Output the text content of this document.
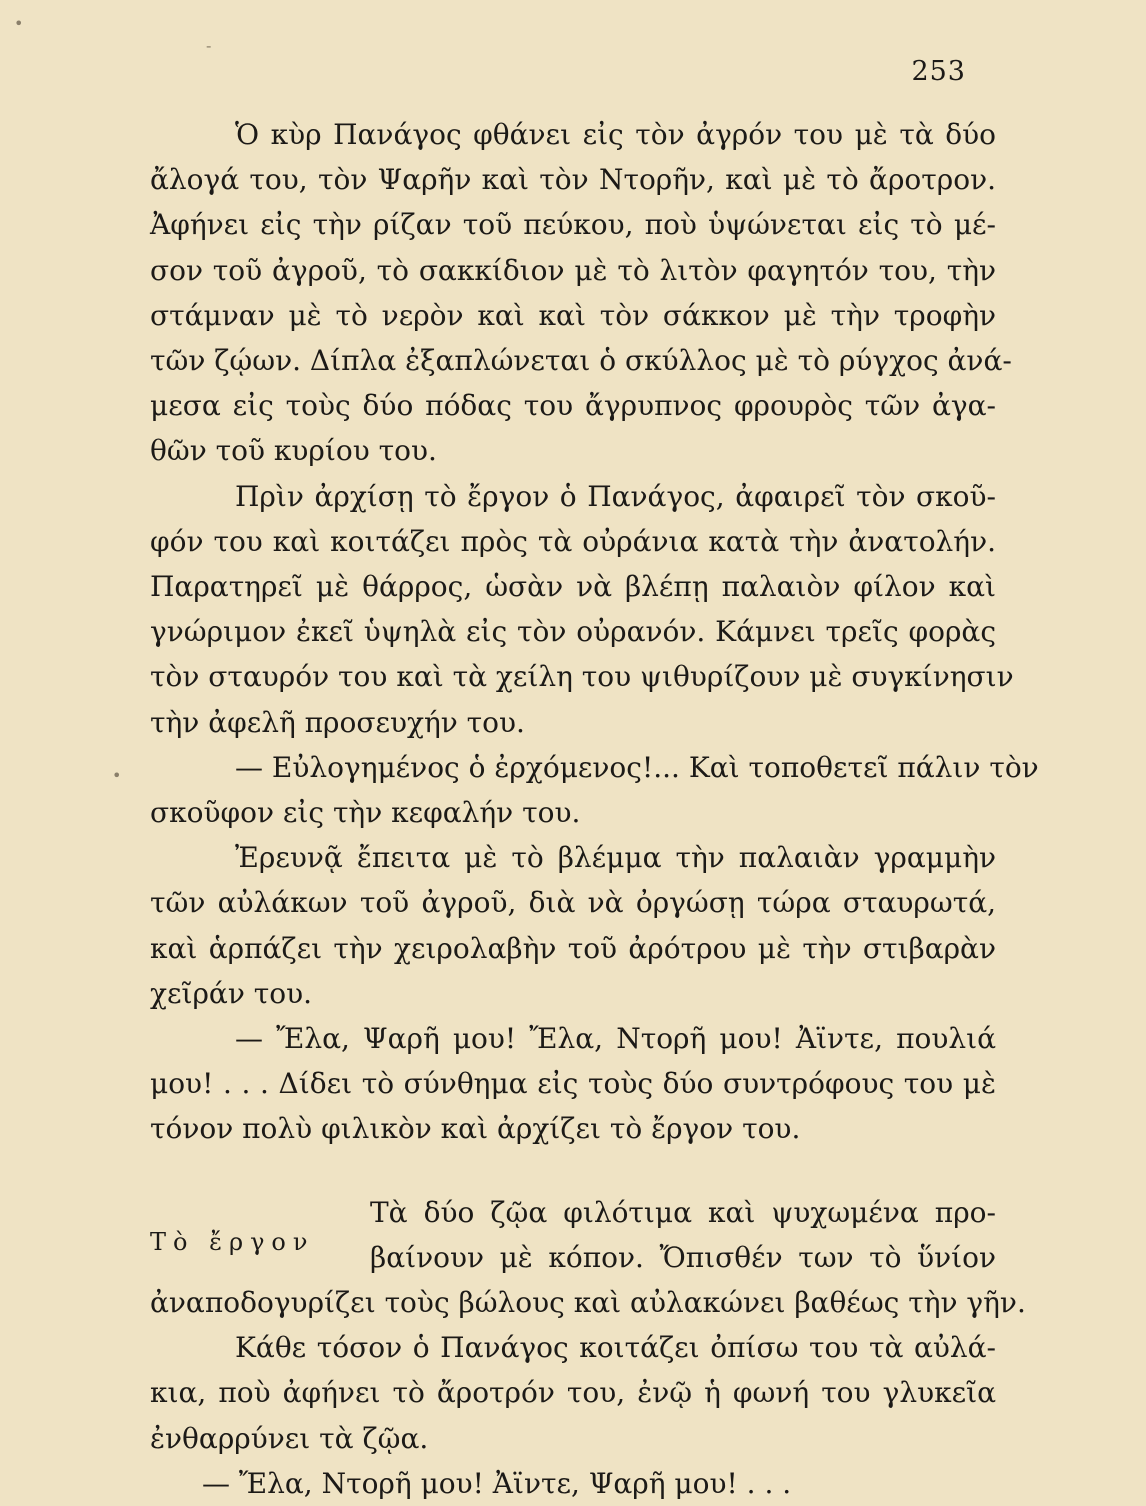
•
-
•
253

Ὁ κὺρ Πανάγος φθάνει εἰς τὸν ἀγρόν του μὲ τὰ δύο
ἄλογά του, τὸν Ψαρῆν καὶ τὸν Ντορῆν, καὶ μὲ τὸ ἄροτρον.
Ἀφήνει εἰς τὴν ρίζαν τοῦ πεύκου, ποὺ ὑψώνεται εἰς τὸ μέ-
σον τοῦ ἀγροῦ, τὸ σακκίδιον μὲ τὸ λιτὸν φαγητόν του, τὴν
στάμναν μὲ τὸ νερὸν καὶ καὶ τὸν σάκκον μὲ τὴν τροφὴν
τῶν ζῴων. Δίπλα ἐξαπλώνεται ὁ σκύλλος μὲ τὸ ρύγχος ἀνά-
μεσα εἰς τοὺς δύο πόδας του ἄγρυπνος φρουρὸς τῶν ἀγα-
θῶν τοῦ κυρίου του.

Πρὶν ἀρχίσῃ τὸ ἔργον ὁ Πανάγος, ἀφαιρεῖ τὸν σκοῦ-
φόν του καὶ κοιτάζει πρὸς τὰ οὐράνια κατὰ τὴν ἀνατολήν.
Παρατηρεῖ μὲ θάρρος, ὡσὰν νὰ βλέπῃ παλαιὸν φίλον καὶ
γνώριμον ἐκεῖ ὑψηλὰ εἰς τὸν οὐρανόν. Κάμνει τρεῖς φορὰς
τὸν σταυρόν του καὶ τὰ χείλη του ψιθυρίζουν μὲ συγκίνησιν
τὴν ἀφελῆ προσευχήν του.

— Εὐλογημένος ὁ ἐρχόμενος!... Καὶ τοποθετεῖ πάλιν τὸν
σκοῦφον εἰς τὴν κεφαλήν του.

Ἐρευνᾷ ἔπειτα μὲ τὸ βλέμμα τὴν παλαιὰν γραμμὴν
τῶν αὐλάκων τοῦ ἀγροῦ, διὰ νὰ ὀργώσῃ τώρα σταυρωτά,
καὶ ἁρπάζει τὴν χειρολαβὴν τοῦ ἀρότρου μὲ τὴν στιβαρὰν
χεῖράν του.

— Ἔλα, Ψαρῆ μου! Ἔλα, Ντορῆ μου! Ἀϊντε, πουλιά
μου! . . . Δίδει τὸ σύνθημα εἰς τοὺς δύο συντρόφους του μὲ
τόνον πολὺ φιλικὸν καὶ ἀρχίζει τὸ ἔργον του.

Τὸ ἔργον
Τὰ δύο ζῷα φιλότιμα καὶ ψυχωμένα προ-
βαίνουν μὲ κόπον. Ὄπισθέν των τὸ ὕνίον

ἀναποδογυρίζει τοὺς βώλους καὶ αὐλακώνει βαθέως τὴν γῆν.

Κάθε τόσον ὁ Πανάγος κοιτάζει ὀπίσω του τὰ αὐλά-
κια, ποὺ ἀφήνει τὸ ἄροτρόν του, ἐνῷ ἡ φωνή του γλυκεῖα
ἐνθαρρύνει τὰ ζῷα.

— Ἔλα, Ντορῆ μου! Ἀϊντε, Ψαρῆ μου! . . .
